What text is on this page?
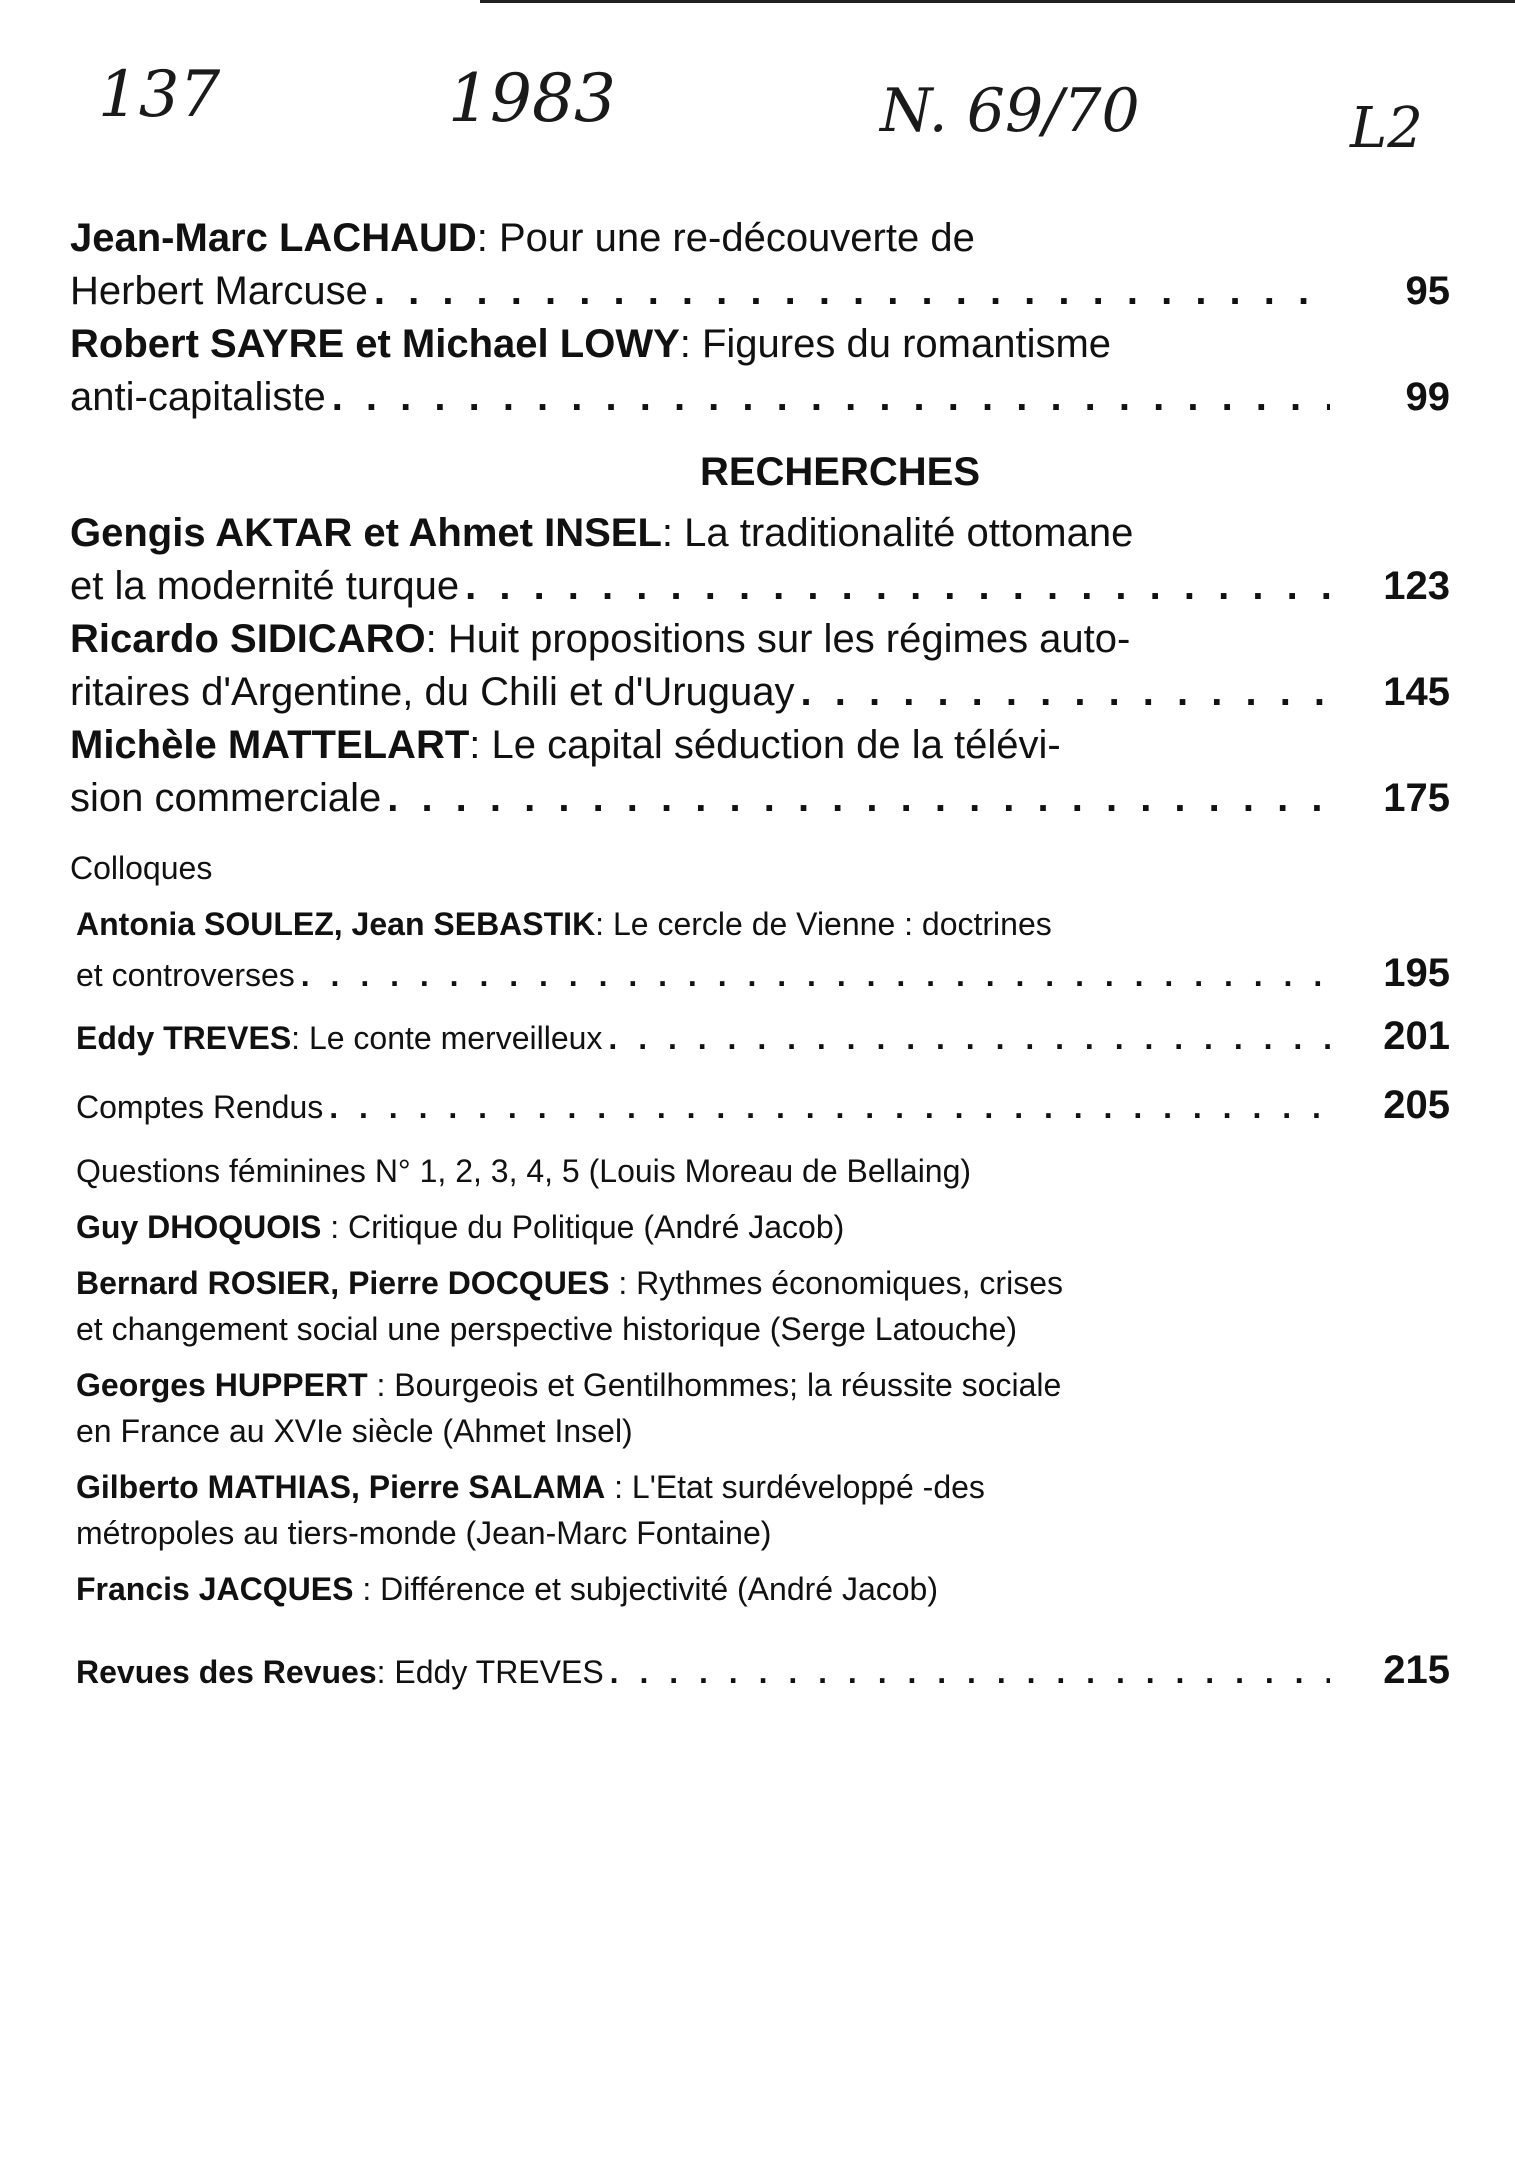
137	1983	N. 69/70	L2
Jean-Marc LACHAUD : Pour une re-découverte de
Herbert Marcuse . . .	95
Robert SAYRE et Michael LOWY : Figures du romantisme
anti-capitaliste . . .	99
RECHERCHES
Gengis AKTAR et Ahmet INSEL : La traditionalité ottomane
et la modernité turque . . .	123
Ricardo SIDICARO : Huit propositions sur les régimes auto-
ritaires d'Argentine, du Chili et d'Uruguay . . .	145
Michèle MATTELART : Le capital séduction de la télévi-
sion commerciale . . .	175
Colloques
Antonia SOULEZ, Jean SEBASTIK : Le cercle de Vienne : doctrines
et controverses . . .	195
Eddy TREVES : Le conte merveilleux . . .	201
Comptes Rendus . . .	205
Questions féminines N° 1, 2, 3, 4, 5 (Louis Moreau de Bellaing)
Guy DHOQUOIS : Critique du Politique (André Jacob)
Bernard ROSIER, Pierre DOCQUES : Rythmes économiques, crises
et changement social une perspective historique (Serge Latouche)
Georges HUPPERT : Bourgeois et Gentilhommes; la réussite sociale
en France au XVIe siècle (Ahmet Insel)
Gilberto MATHIAS, Pierre SALAMA : L'Etat surdéveloppé -des
métropoles au tiers-monde (Jean-Marc Fontaine)
Francis JACQUES : Différence et subjectivité (André Jacob)
Revues des Revues : Eddy TREVES . . .	215
